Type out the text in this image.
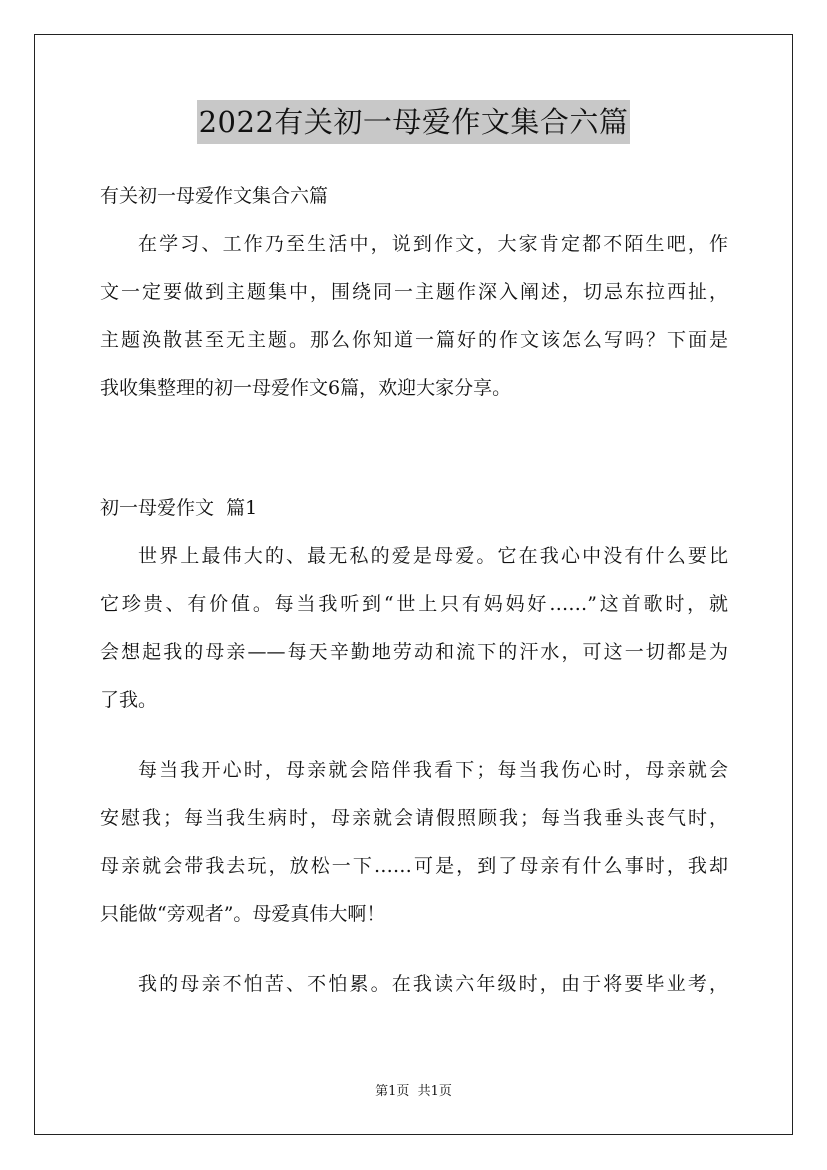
2022有关初一母爱作文集合六篇
有关初一母爱作文集合六篇
在学习、工作乃至生活中，说到作文，大家肯定都不陌生吧，作
文一定要做到主题集中，围绕同一主题作深入阐述，切忌东拉西扯，
主题涣散甚至无主题。那么你知道一篇好的作文该怎么写吗？下面是
我收集整理的初一母爱作文6篇，欢迎大家分享。
初一母爱作文  篇1
世界上最伟大的、最无私的爱是母爱。它在我心中没有什么要比
它珍贵、有价值。每当我听到“世上只有妈妈好……”这首歌时，就
会想起我的母亲——每天辛勤地劳动和流下的汗水，可这一切都是为
了我。
每当我开心时，母亲就会陪伴我看下；每当我伤心时，母亲就会
安慰我；每当我生病时，母亲就会请假照顾我；每当我垂头丧气时，
母亲就会带我去玩，放松一下……可是，到了母亲有什么事时，我却
只能做“旁观者”。母爱真伟大啊！
我的母亲不怕苦、不怕累。在我读六年级时，由于将要毕业考，
第1页  共1页
